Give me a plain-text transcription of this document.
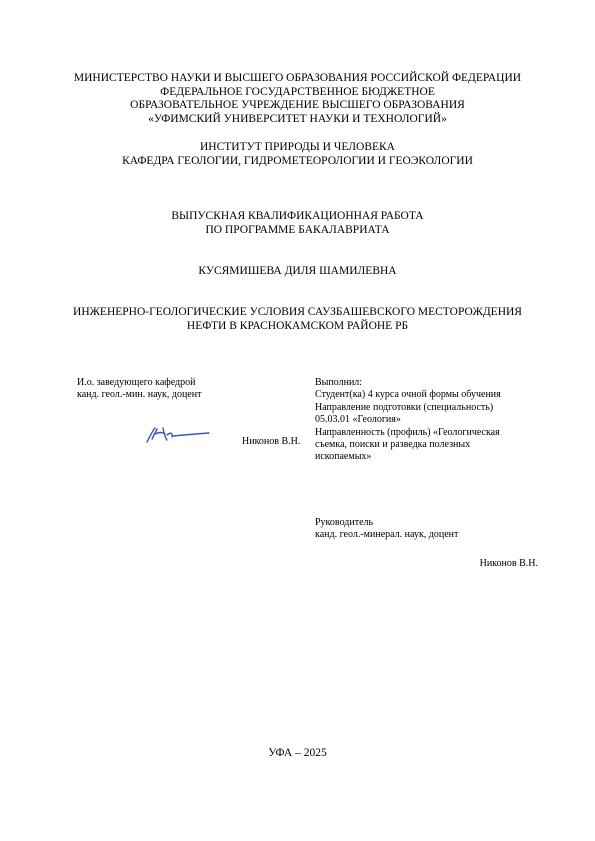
МИНИСТЕРСТВО НАУКИ И ВЫСШЕГО ОБРАЗОВАНИЯ РОССИЙСКОЙ ФЕДЕРАЦИИ
ФЕДЕРАЛЬНОЕ ГОСУДАРСТВЕННОЕ БЮДЖЕТНОЕ
ОБРАЗОВАТЕЛЬНОЕ УЧРЕЖДЕНИЕ ВЫСШЕГО ОБРАЗОВАНИЯ
«УФИМСКИЙ УНИВЕРСИТЕТ НАУКИ И ТЕХНОЛОГИЙ»
ИНСТИТУТ ПРИРОДЫ И ЧЕЛОВЕКА
КАФЕДРА ГЕОЛОГИИ, ГИДРОМЕТЕОРОЛОГИИ И ГЕОЭКОЛОГИИ
ВЫПУСКНАЯ КВАЛИФИКАЦИОННАЯ РАБОТА
ПО ПРОГРАММЕ БАКАЛАВРИАТА
КУСЯМИШЕВА ДИЛЯ ШАМИЛЕВНА
ИНЖЕНЕРНО-ГЕОЛОГИЧЕСКИЕ УСЛОВИЯ САУЗБАШЕВСКОГО МЕСТОРОЖДЕНИЯ
НЕФТИ В КРАСНОКАМСКОМ РАЙОНЕ РБ
И.о. заведующего кафедрой
канд. геол.-мин. наук, доцент
Никонов В.Н.
Выполнил:
Студент(ка) 4 курса очной формы обучения
Направление подготовки (специальность)
05.03.01 «Геология»
Направленность (профиль) «Геологическая
съемка, поиски и разведка полезных
ископаемых»
Руководитель
канд. геол.-минерал. наук, доцент
Никонов В.Н.
УФА – 2025
